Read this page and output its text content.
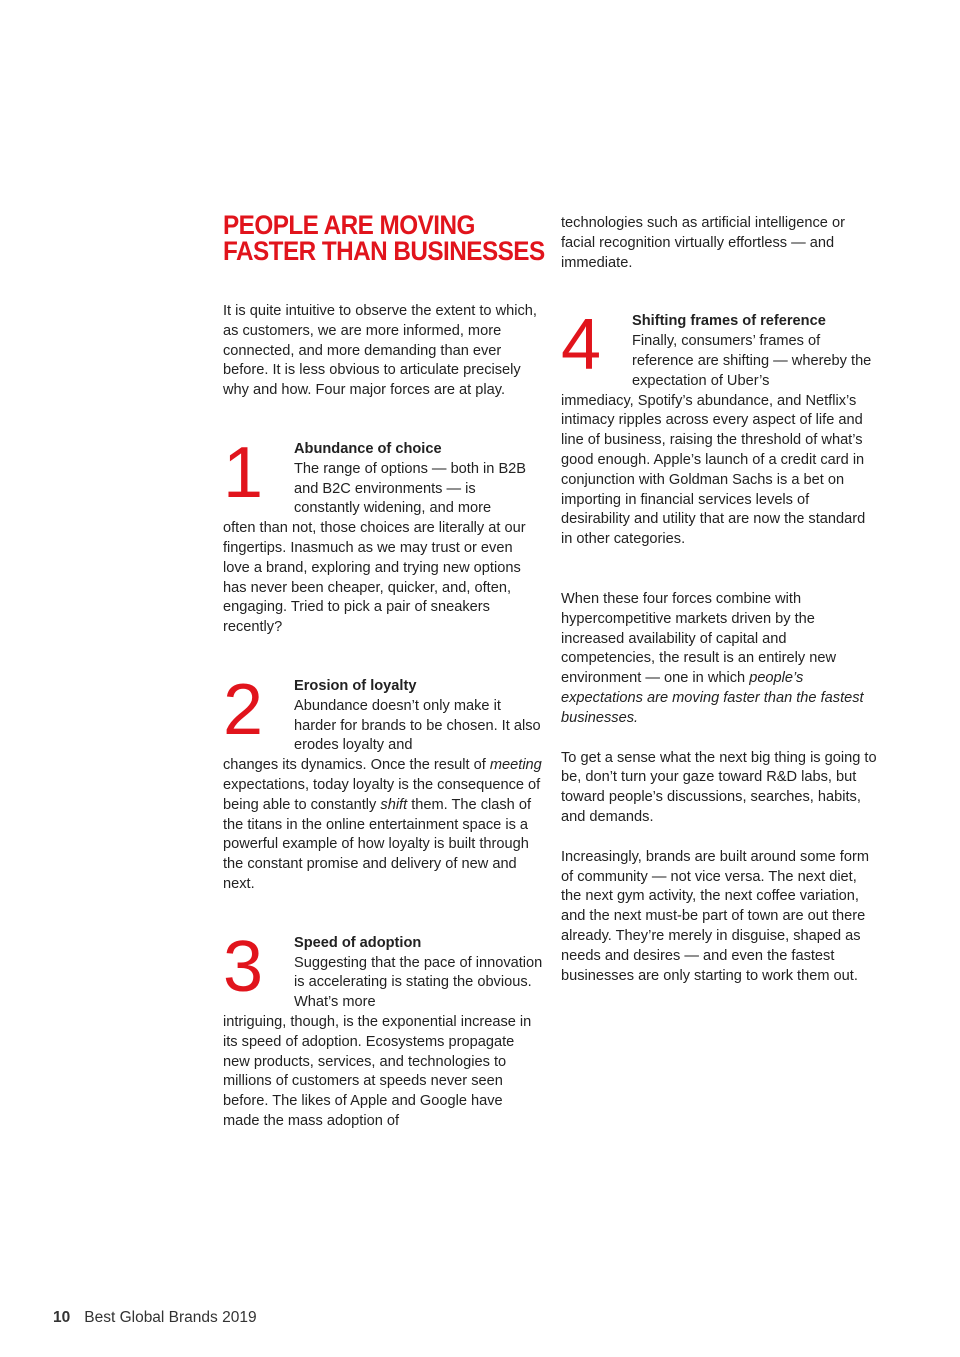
PEOPLE ARE MOVING FASTER THAN BUSINESSES

It is quite intuitive to observe the extent to which, as customers, we are more informed, more connected, and more demanding than ever before. It is less obvious to articulate precisely why and how. Four major forces are at play.

1	Abundance of choice
The range of options — both in B2B and B2C environments — is constantly widening, and more
often than not, those choices are literally at our fingertips. Inasmuch as we may trust or even love a brand, exploring and trying new options has never been cheaper, quicker, and, often, engaging. Tried to pick a pair of sneakers recently?
2	Erosion of loyalty
Abundance doesn’t only make it harder for brands to be chosen. It also erodes loyalty and
changes its dynamics. Once the result of meeting expectations, today loyalty is the consequence of being able to constantly shift them. The clash of the titans in the online entertainment space is a powerful example of how loyalty is built through the constant promise and delivery of new and next.
3	Speed of adoption
Suggesting that the pace of innovation is accelerating is stating the obvious. What’s more
intriguing, though, is the exponential increase in its speed of adoption. Ecosystems propagate new products, services, and technologies to millions of customers at speeds never seen before. The likes of Apple and Google have made the mass adoption of

technologies such as artificial intelligence or facial recognition virtually effortless — and immediate.

4	Shifting frames of reference
Finally, consumers’ frames of reference are shifting — whereby the expectation of Uber’s
immediacy, Spotify’s abundance, and Netflix’s intimacy ripples across every aspect of life and line of business, raising the threshold of what’s good enough. Apple’s launch of a credit card in conjunction with Goldman Sachs is a bet on importing in financial services levels of desirability and utility that are now the standard in other categories.

When these four forces combine with hypercompetitive markets driven by the increased availability of capital and competencies, the result is an entirely new environment — one in which people’s expectations are moving faster than the fastest businesses.

To get a sense what the next big thing is going to be, don’t turn your gaze toward R&D labs, but toward people’s discussions, searches, habits, and demands.

Increasingly, brands are built around some form of community — not vice versa. The next diet, the next gym activity, the next coffee variation, and the next must-be part of town are out there already. They’re merely in disguise, shaped as needs and desires — and even the fastest businesses are only starting to work them out.

10 Best Global Brands 2019
